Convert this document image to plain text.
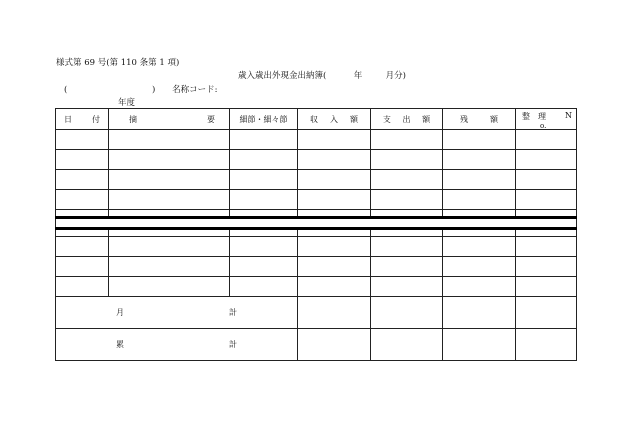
様式第 69 号(第 110 条第 1 項)
歳入歳出外現金出納簿(	年	月分)
(	) 名称コード:
年度
日 付	摘 要	細節・細々節	収 入 額	支 出 額	残 額	整 理 N
o.

月 計						

累 計						
